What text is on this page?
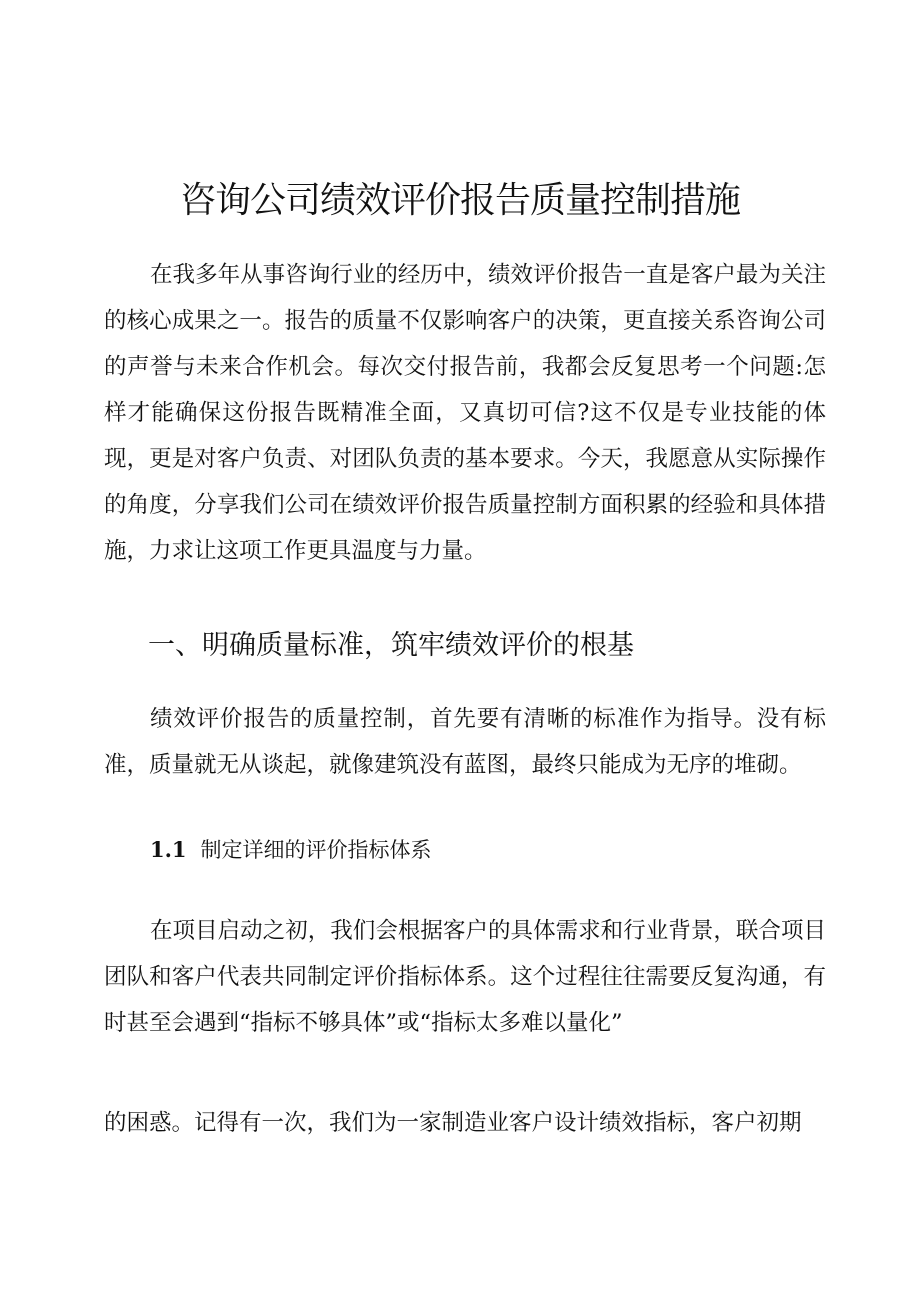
咨询公司绩效评价报告质量控制措施

在我多年从事咨询行业的经历中，绩效评价报告一直是客户最为关注的核心成果之一。报告的质量不仅影响客户的决策，更直接关系咨询公司的声誉与未来合作机会。每次交付报告前，我都会反复思考一个问题:怎样才能确保这份报告既精准全面，又真切可信?这不仅是专业技能的体现，更是对客户负责、对团队负责的基本要求。今天，我愿意从实际操作的角度，分享我们公司在绩效评价报告质量控制方面积累的经验和具体措施，力求让这项工作更具温度与力量。

一、明确质量标准，筑牢绩效评价的根基

绩效评价报告的质量控制，首先要有清晰的标准作为指导。没有标准，质量就无从谈起，就像建筑没有蓝图，最终只能成为无序的堆砌。

1.1 制定详细的评价指标体系

在项目启动之初，我们会根据客户的具体需求和行业背景，联合项目团队和客户代表共同制定评价指标体系。这个过程往往需要反复沟通，有时甚至会遇到“指标不够具体”或“指标太多难以量化”

的困惑。记得有一次，我们为一家制造业客户设计绩效指标，客户初期
